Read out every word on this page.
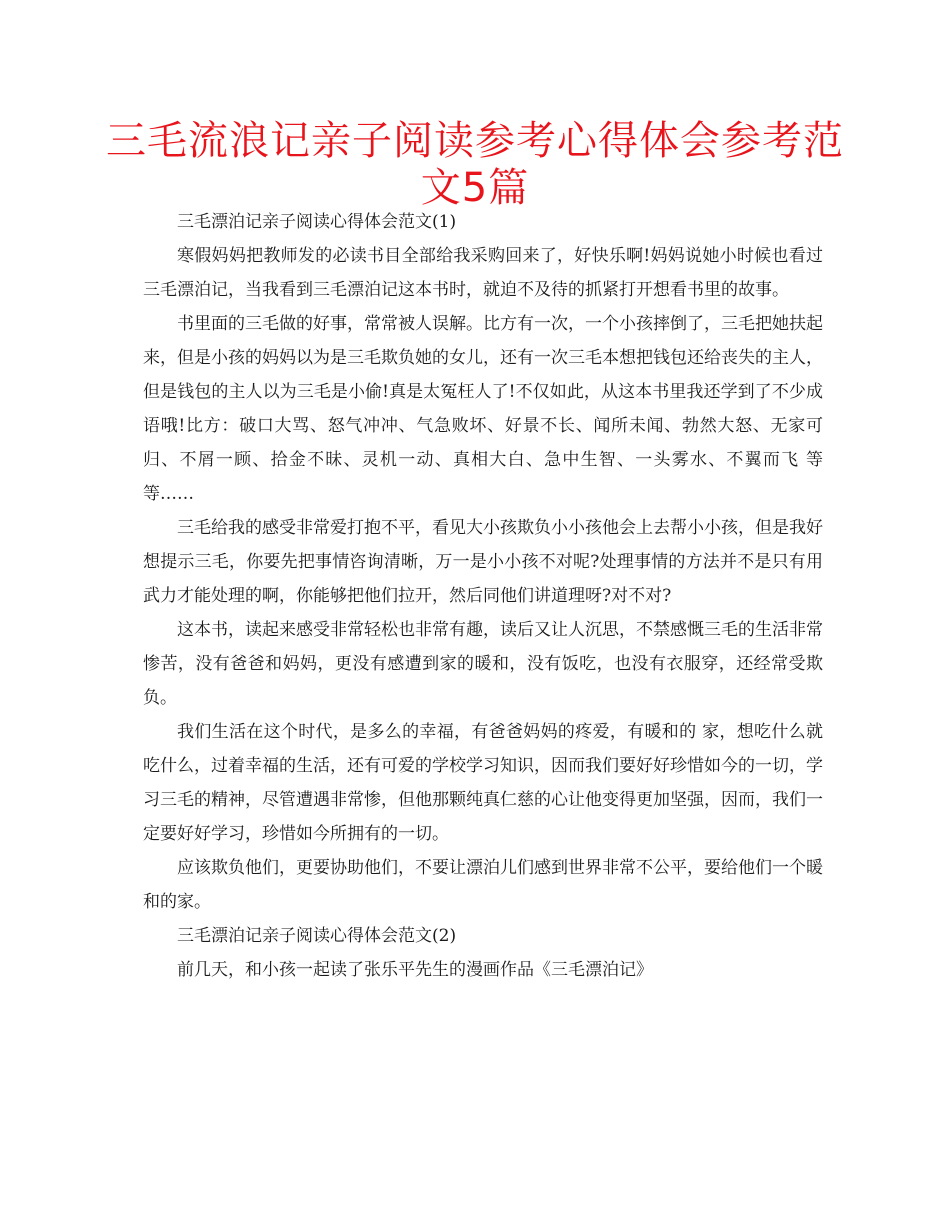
三毛流浪记亲子阅读参考心得体会参考范
文5篇

三毛漂泊记亲子阅读心得体会范文(1)

寒假妈妈把教师发的必读书目全部给我采购回来了，好快乐啊!妈妈说她小时候也看过三毛漂泊记，当我看到三毛漂泊记这本书时，就迫不及待的抓紧打开想看书里的故事。

书里面的三毛做的好事，常常被人误解。比方有一次，一个小孩摔倒了，三毛把她扶起来，但是小孩的妈妈以为是三毛欺负她的女儿，还有一次三毛本想把钱包还给丧失的主人，但是钱包的主人以为三毛是小偷!真是太冤枉人了!不仅如此，从这本书里我还学到了不少成语哦!比方：破口大骂、怒气冲冲、气急败坏、好景不长、闻所未闻、勃然大怒、无家可归、不屑一顾、拾金不昧、灵机一动、真相大白、急中生智、一头雾水、不翼而飞 等等……

三毛给我的感受非常爱打抱不平，看见大小孩欺负小小孩他会上去帮小小孩，但是我好想提示三毛，你要先把事情咨询清晰，万一是小小孩不对呢?处理事情的方法并不是只有用武力才能处理的啊，你能够把他们拉开，然后同他们讲道理呀?对不对?

这本书，读起来感受非常轻松也非常有趣，读后又让人沉思，不禁感慨三毛的生活非常惨苦，没有爸爸和妈妈，更没有感遭到家的暖和，没有饭吃，也没有衣服穿，还经常受欺负。

我们生活在这个时代，是多么的幸福，有爸爸妈妈的疼爱，有暖和的 家，想吃什么就吃什么，过着幸福的生活，还有可爱的学校学习知识，因而我们要好好珍惜如今的一切，学习三毛的精神，尽管遭遇非常惨，但他那颗纯真仁慈的心让他变得更加坚强，因而，我们一定要好好学习，珍惜如今所拥有的一切。

应该欺负他们，更要协助他们，不要让漂泊儿们感到世界非常不公平，要给他们一个暖和的家。

三毛漂泊记亲子阅读心得体会范文(2)

前几天，和小孩一起读了张乐平先生的漫画作品《三毛漂泊记》
